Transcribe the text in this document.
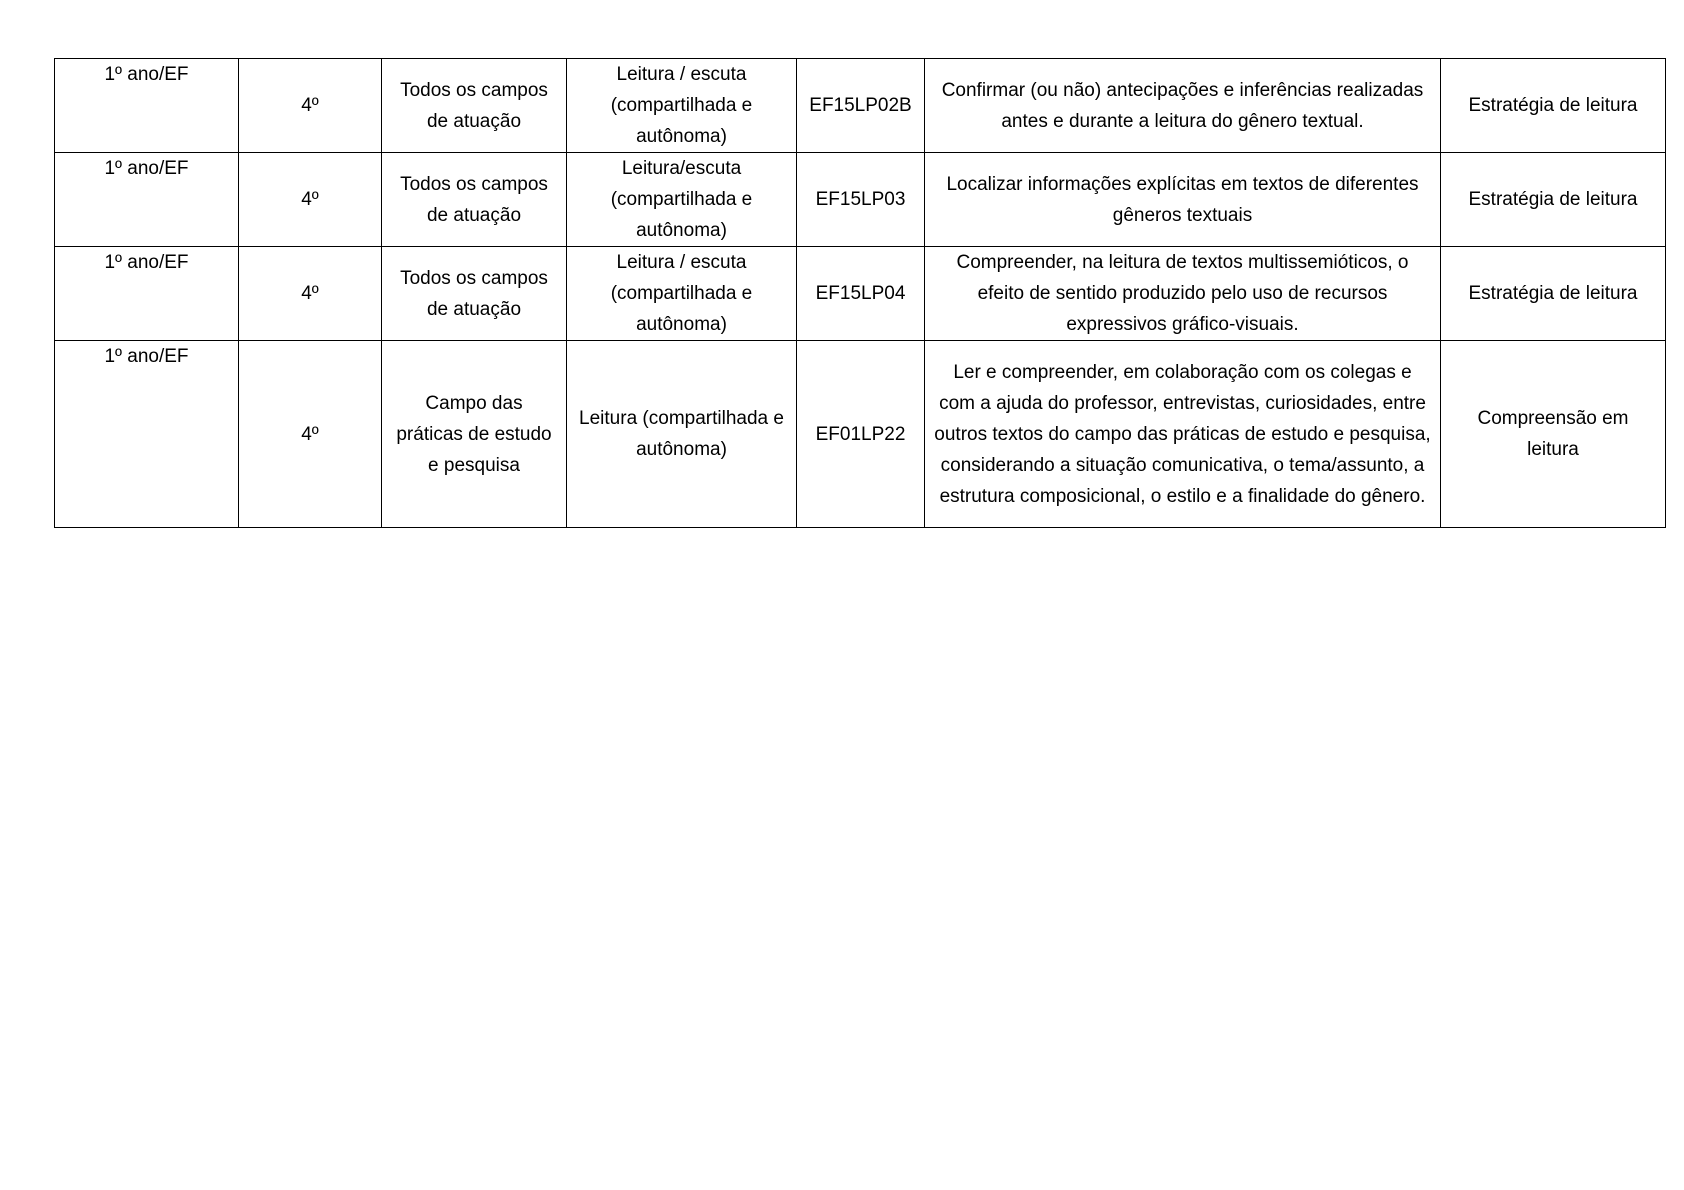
1º ano/EF	4º	Todos os campos de atuação	Leitura / escuta (compartilhada e autônoma)	EF15LP02B	Confirmar (ou não) antecipações e inferências realizadas antes e durante a leitura do gênero textual.	Estratégia de leitura

1º ano/EF	4º	Todos os campos de atuação	Leitura/escuta (compartilhada e autônoma)	EF15LP03	Localizar informações explícitas em textos de diferentes gêneros textuais	Estratégia de leitura

1º ano/EF	4º	Todos os campos de atuação	Leitura / escuta (compartilhada e autônoma)	EF15LP04	Compreender, na leitura de textos multissemióticos, o efeito de sentido produzido pelo uso de recursos expressivos gráfico-visuais.	Estratégia de leitura

1º ano/EF	4º	Campo das práticas de estudo e pesquisa	Leitura (compartilhada e autônoma)	EF01LP22	Ler e compreender, em colaboração com os colegas e com a ajuda do professor, entrevistas, curiosidades, entre outros textos do campo das práticas de estudo e pesquisa, considerando a situação comunicativa, o tema/assunto, a estrutura composicional, o estilo e a finalidade do gênero.	Compreensão em leitura
